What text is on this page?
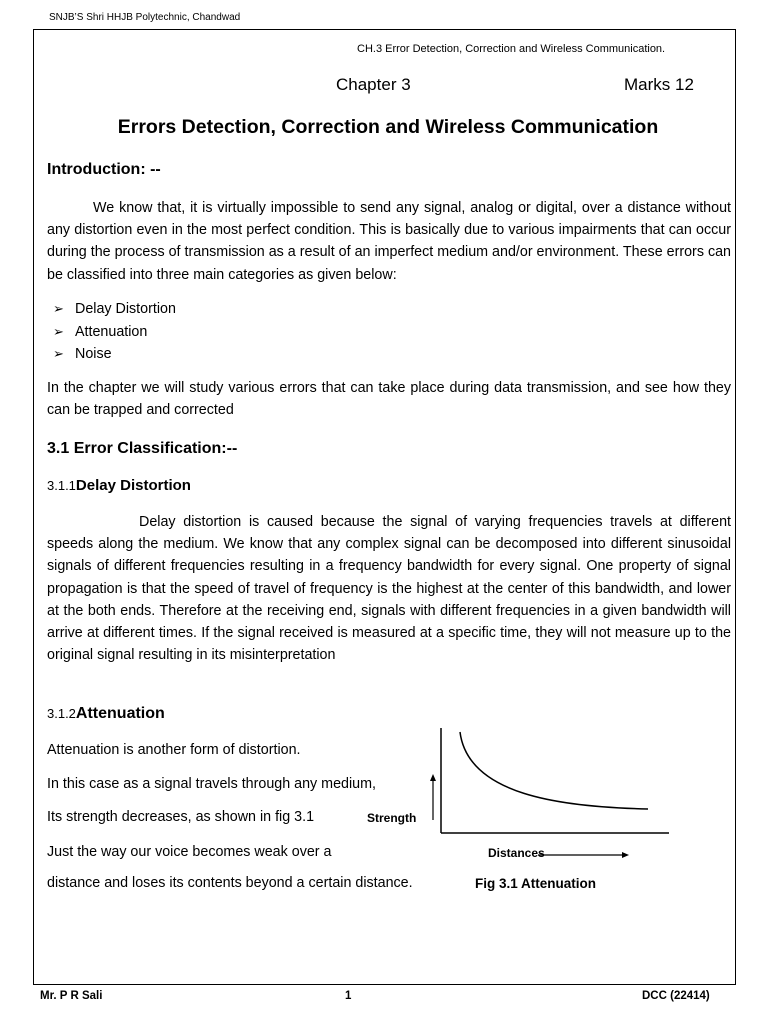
SNJB’S Shri HHJB Polytechnic, Chandwad
CH.3 Error Detection, Correction and Wireless Communication.
Chapter 3	Marks 12
Errors Detection, Correction and Wireless Communication
Introduction: --

We know that, it is virtually impossible to send any signal, analog or digital, over a distance without any distortion even in the most perfect condition. This is basically due to various impairments that can occur during the process of transmission as a result of an imperfect medium and/or environment. These errors can be classified into three main categories as given below:

➢ Delay Distortion
➢ Attenuation
➢ Noise

In the chapter we will study various errors that can take place during data transmission, and see how they can be trapped and corrected

3.1 Error Classification:--
3.1.1Delay Distortion

Delay distortion is caused because the signal of varying frequencies travels at different speeds along the medium. We know that any complex signal can be decomposed into different sinusoidal signals of different frequencies resulting in a frequency bandwidth for every signal. One property of signal propagation is that the speed of travel of frequency is the highest at the center of this bandwidth, and lower at the both ends. Therefore at the receiving end, signals with different frequencies in a given bandwidth will arrive at different times. If the signal received is measured at a specific time, they will not measure up to the original signal resulting in its misinterpretation

3.1.2Attenuation
Attenuation is another form of distortion.
In this case as a signal travels through any medium,
Its strength decreases, as shown in fig 3.1
Just the way our voice becomes weak over a
distance and loses its contents beyond a certain distance.
Strength
Distances
Fig 3.1 Attenuation
Mr. P R Sali	1	DCC (22414)
